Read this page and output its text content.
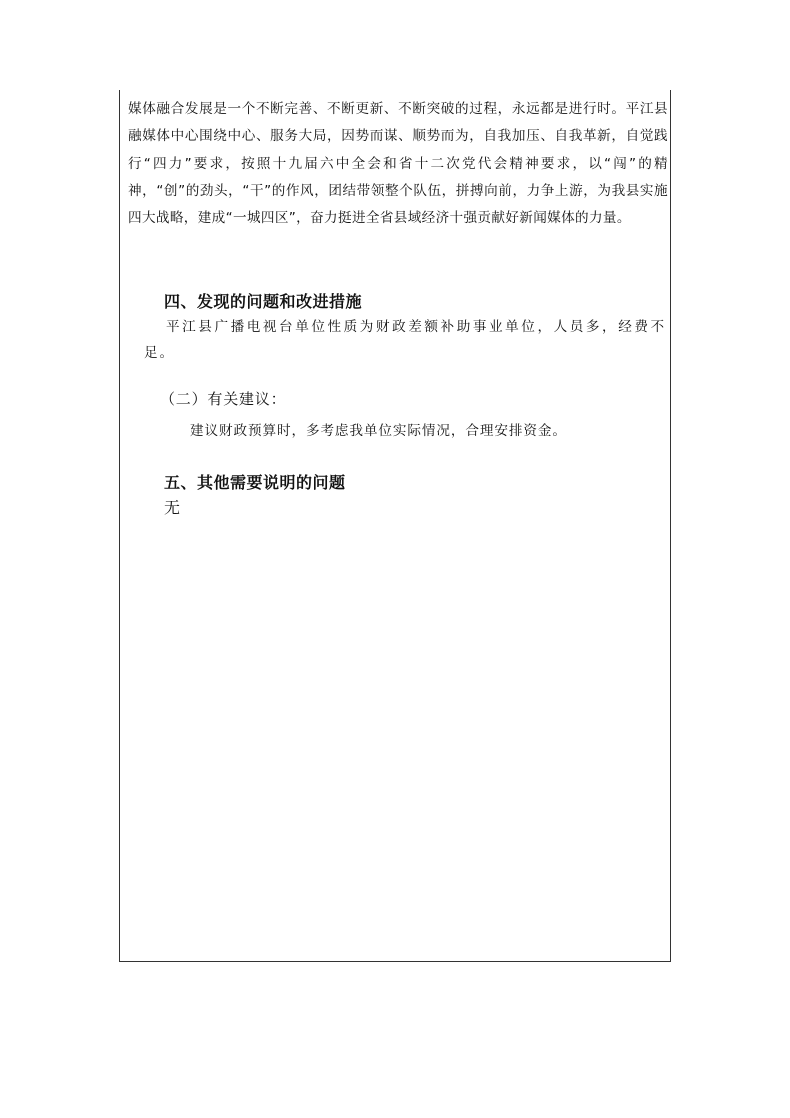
媒体融合发展是一个不断完善、不断更新、不断突破的过程，永远都是进行时。平江县融媒体中心围绕中心、服务大局，因势而谋、顺势而为，自我加压、自我革新，自觉践行“四力”要求，按照十九届六中全会和省十二次党代会精神要求，以“闯”的精神，“创”的劲头，“干”的作风，团结带领整个队伍，拼搏向前，力争上游，为我县实施四大战略，建成“一城四区”，奋力挺进全省县域经济十强贡献好新闻媒体的力量。

四、发现的问题和改进措施

平江县广播电视台单位性质为财政差额补助事业单位，人员多，经费不足。

（二）有关建议：

建议财政预算时，多考虑我单位实际情况，合理安排资金。

五、其他需要说明的问题

无
